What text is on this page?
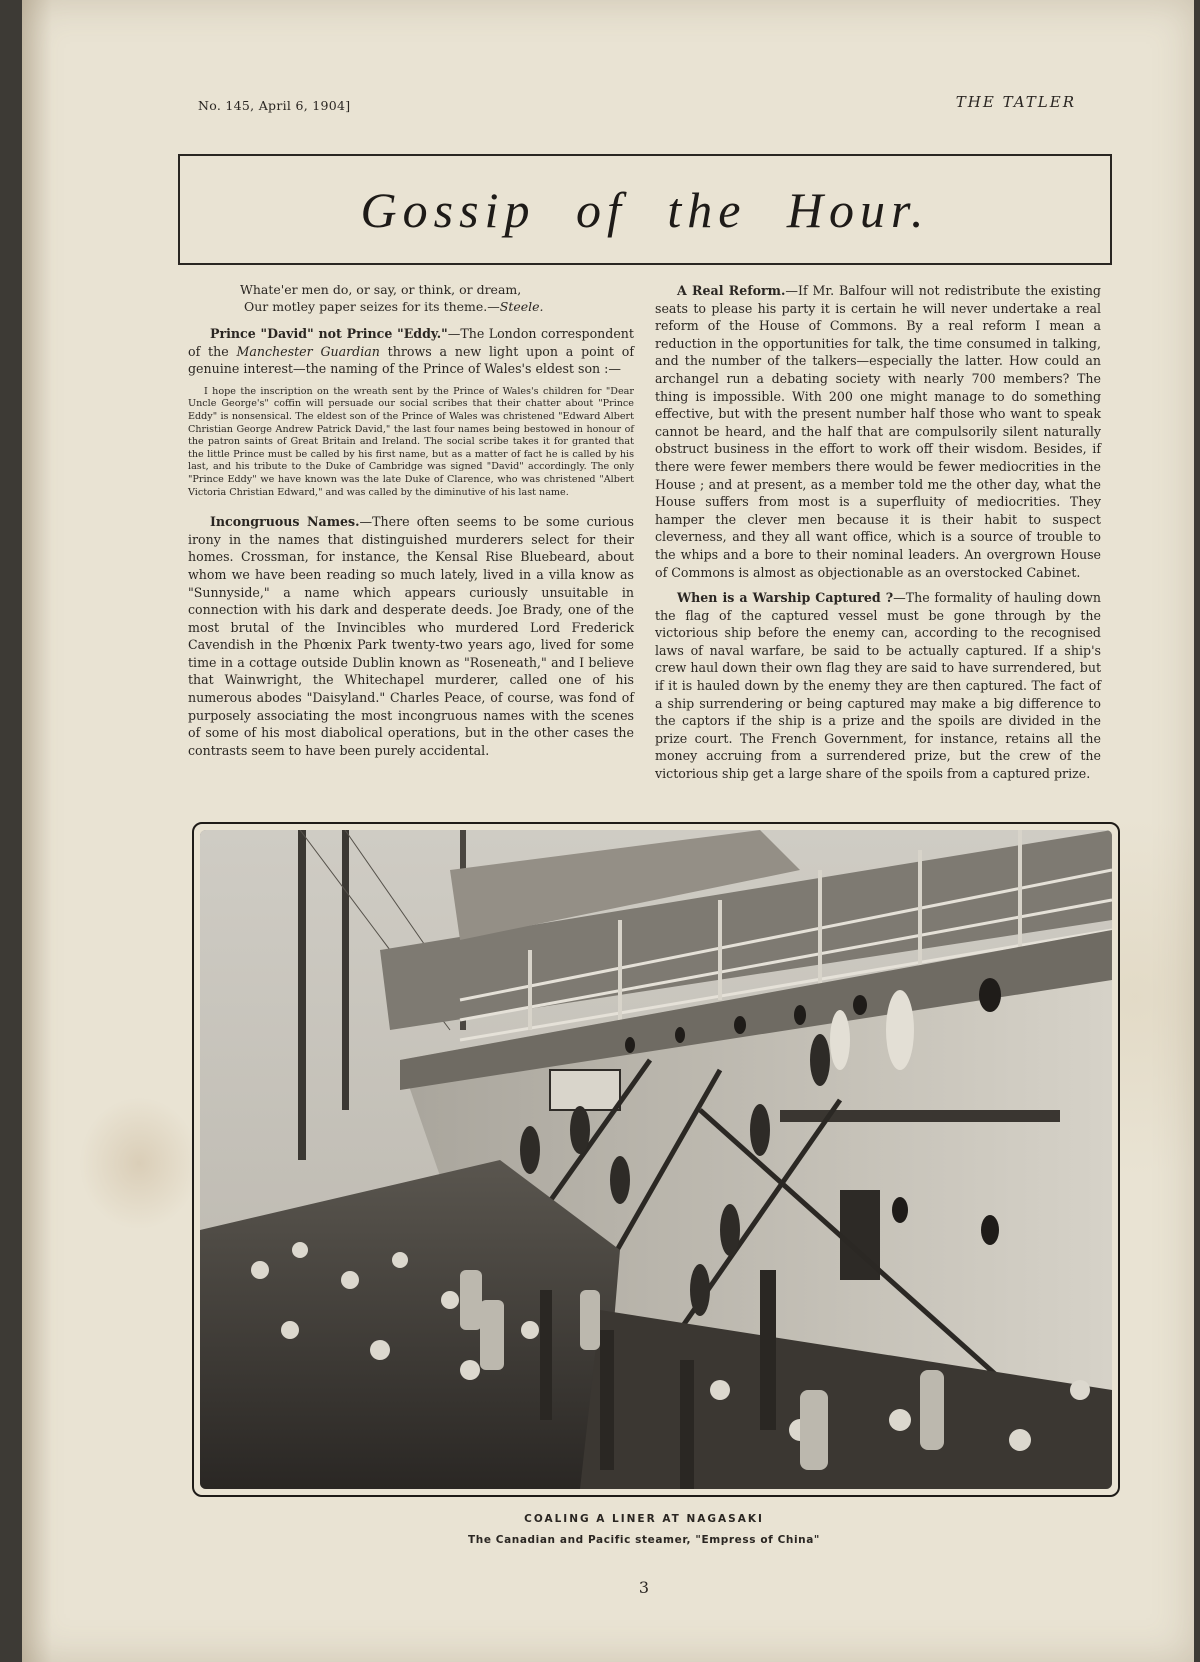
No. 145, April 6, 1904]	THE TATLER
Gossip of the Hour.
Whate'er men do, or say, or think, or dream,
Our motley paper seizes for its theme.—Steele.

Prince "David" not Prince "Eddy."—The London correspondent of the Manchester Guardian throws a new light upon a point of genuine interest—the naming of the Prince of Wales's eldest son :—

I hope the inscription on the wreath sent by the Prince of Wales's children for "Dear Uncle George's" coffin will persuade our social scribes that their chatter about "Prince Eddy" is nonsensical. The eldest son of the Prince of Wales was christened "Edward Albert Christian George Andrew Patrick David," the last four names being bestowed in honour of the patron saints of Great Britain and Ireland. The social scribe takes it for granted that the little Prince must be called by his first name, but as a matter of fact he is called by his last, and his tribute to the Duke of Cambridge was signed "David" accordingly. The only "Prince Eddy" we have known was the late Duke of Clarence, who was christened "Albert Victoria Christian Edward," and was called by the diminutive of his last name.

Incongruous Names.—There often seems to be some curious irony in the names that distinguished murderers select for their homes. Crossman, for instance, the Kensal Rise Bluebeard, about whom we have been reading so much lately, lived in a villa know as "Sunnyside," a name which appears curiously unsuitable in connection with his dark and desperate deeds. Joe Brady, one of the most brutal of the Invincibles who murdered Lord Frederick Cavendish in the Phœnix Park twenty-two years ago, lived for some time in a cottage outside Dublin known as "Roseneath," and I believe that Wainwright, the Whitechapel murderer, called one of his numerous abodes "Daisyland." Charles Peace, of course, was fond of purposely associating the most incongruous names with the scenes of some of his most diabolical operations, but in the other cases the contrasts seem to have been purely accidental.

A Real Reform.—If Mr. Balfour will not redistribute the existing seats to please his party it is certain he will never undertake a real reform of the House of Commons. By a real reform I mean a reduction in the opportunities for talk, the time consumed in talking, and the number of the talkers—especially the latter. How could an archangel run a debating society with nearly 700 members? The thing is impossible. With 200 one might manage to do something effective, but with the present number half those who want to speak cannot be heard, and the half that are compulsorily silent naturally obstruct business in the effort to work off their wisdom. Besides, if there were fewer members there would be fewer mediocrities in the House ; and at present, as a member told me the other day, what the House suffers from most is a superfluity of mediocrities. They hamper the clever men because it is their habit to suspect cleverness, and they all want office, which is a source of trouble to the whips and a bore to their nominal leaders. An overgrown House of Commons is almost as objectionable as an overstocked Cabinet.

When is a Warship Captured ?—The formality of hauling down the flag of the captured vessel must be gone through by the victorious ship before the enemy can, according to the recognised laws of naval warfare, be said to be actually captured. If a ship's crew haul down their own flag they are said to have surrendered, but if it is hauled down by the enemy they are then captured. The fact of a ship surrendering or being captured may make a big difference to the captors if the ship is a prize and the spoils are divided in the prize court. The French Government, for instance, retains all the money accruing from a surrendered prize, but the crew of the victorious ship get a large share of the spoils from a captured prize.

COALING A LINER AT NAGASAKI
The Canadian and Pacific steamer, "Empress of China"
3
